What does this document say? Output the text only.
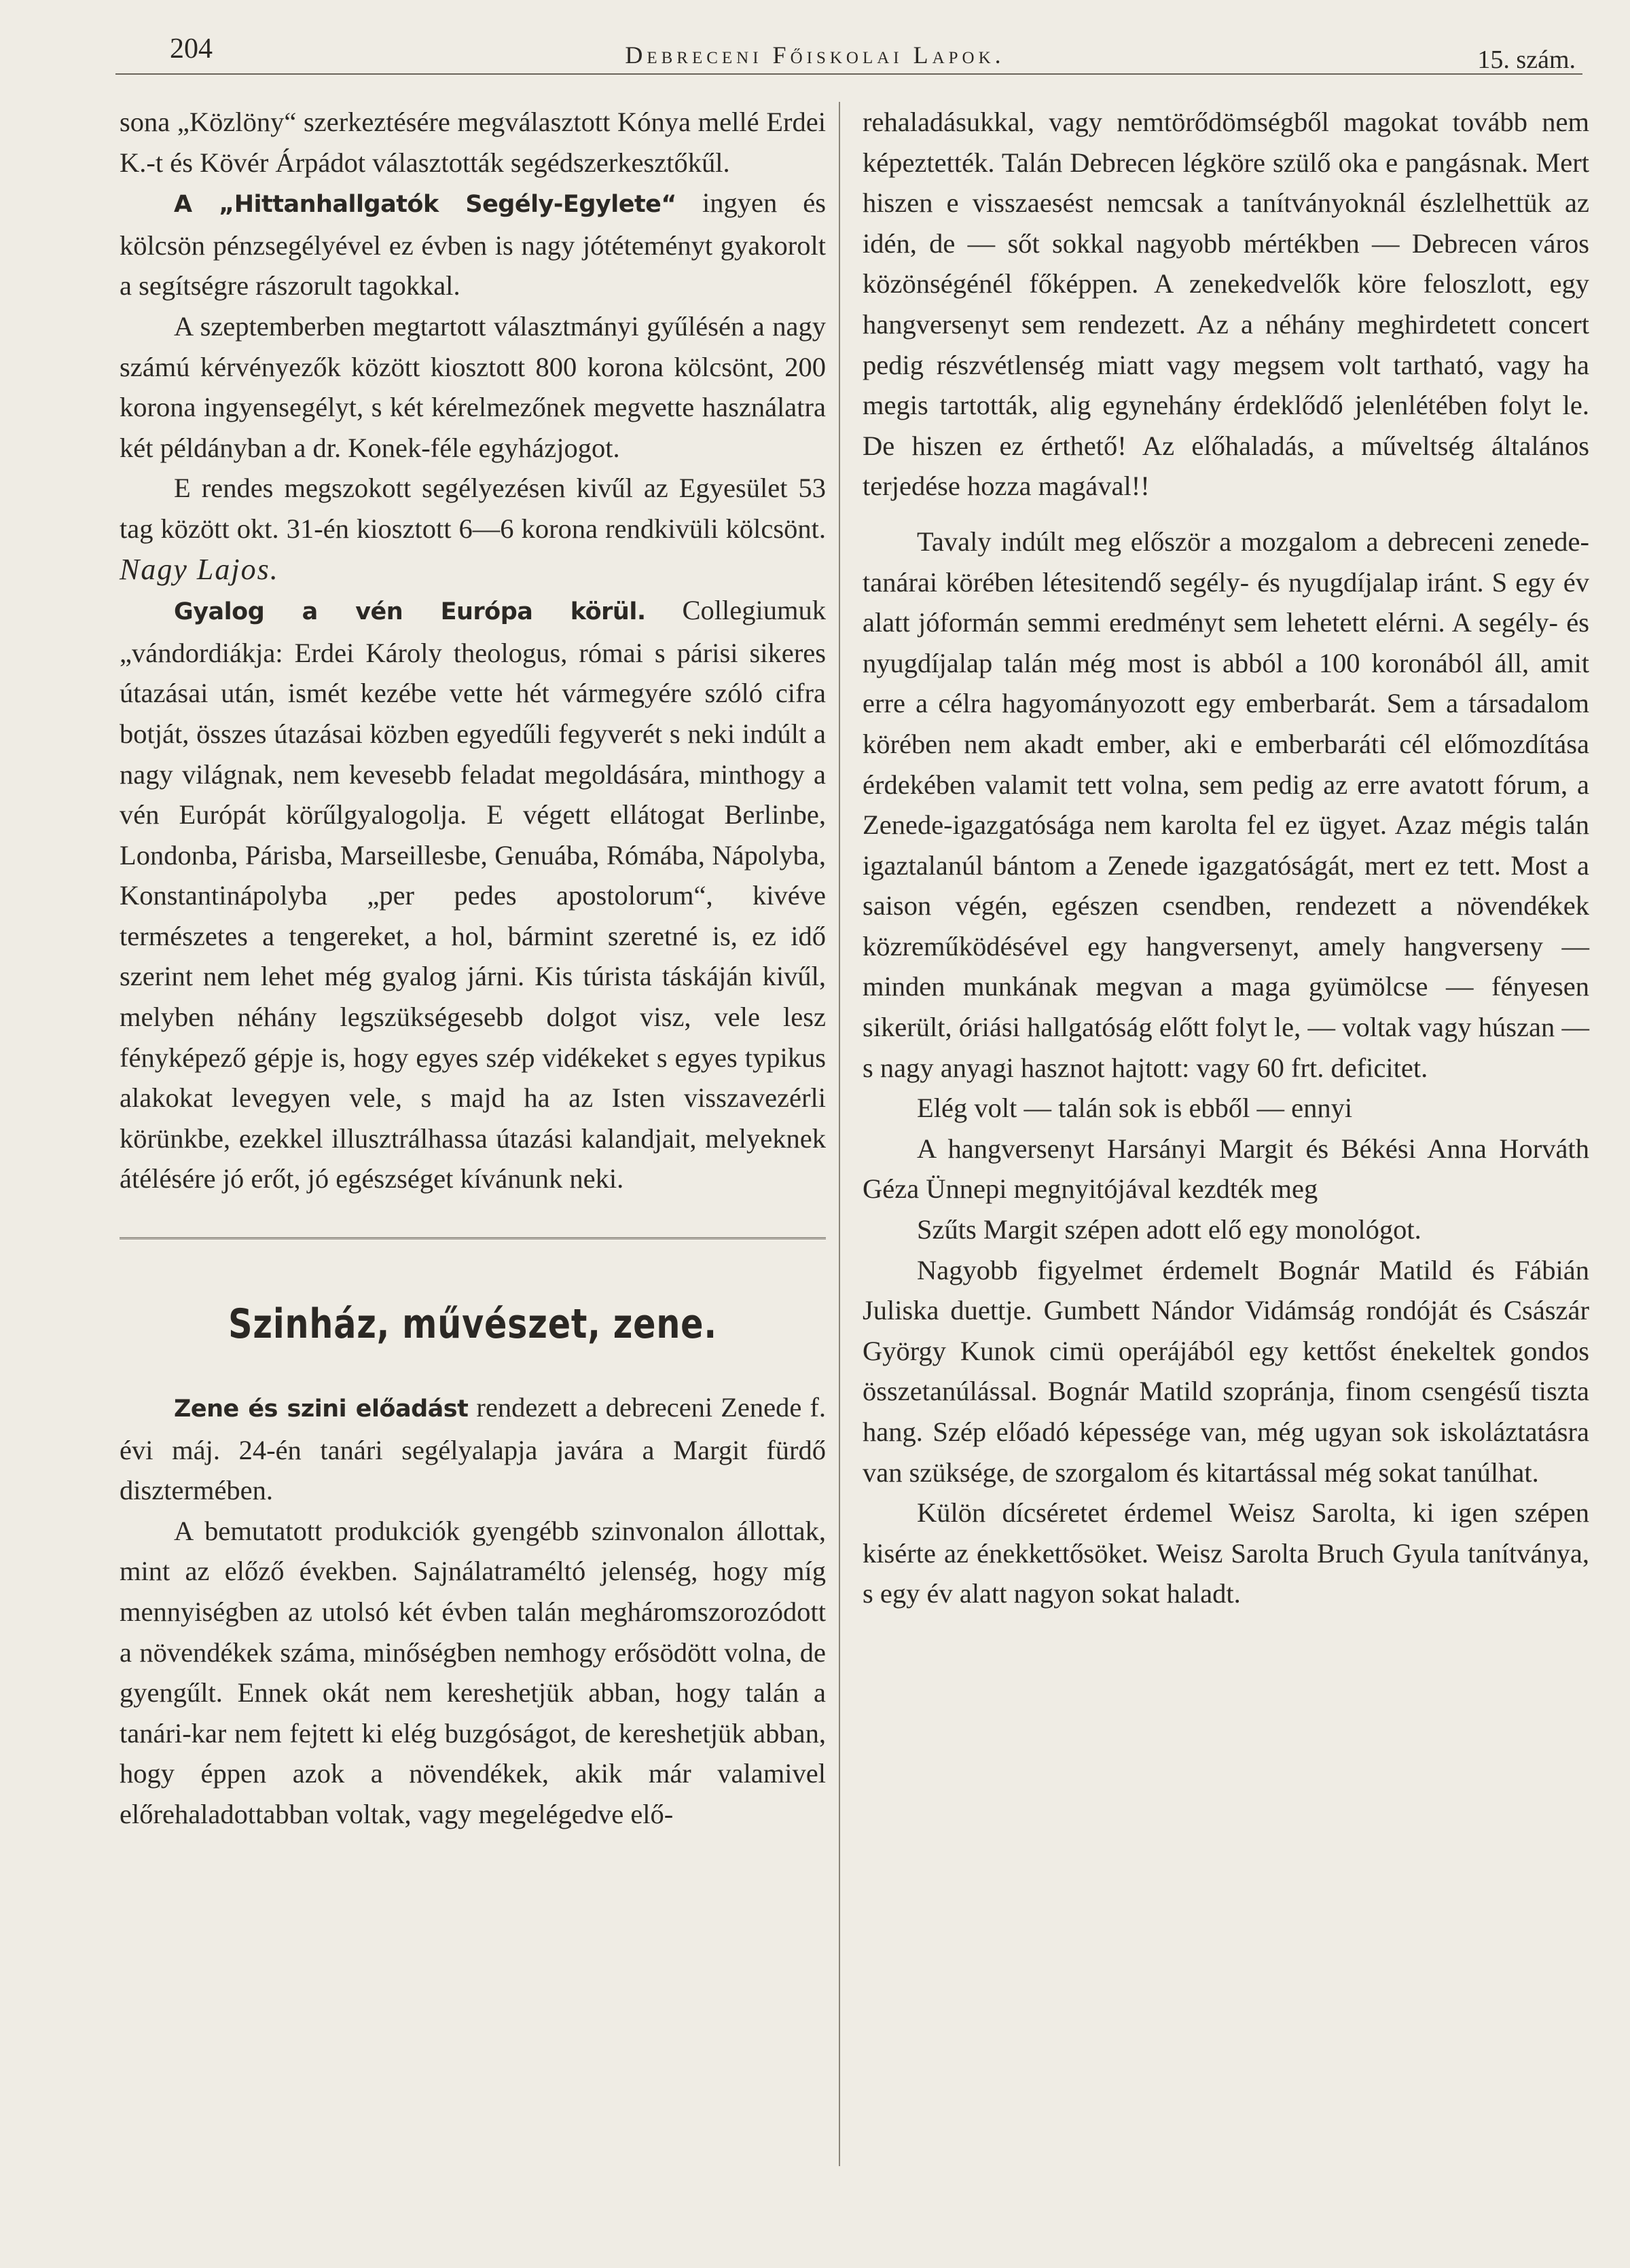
204	Debreceni Főiskolai Lapok.	15. szám.

sona „Közlöny“ szerkeztésére megválasztott Kónya mellé Erdei K.-t és Kövér Árpádot választották segédszerkesztőkűl.

A „Hittanhallgatók Segély-Egylete“ ingyen és kölcsön pénzsegélyével ez évben is nagy jótéteményt gyakorolt a segítségre rászorult tagokkal.

A szeptemberben megtartott választmányi gyűlésén a nagy számú kérvényezők között kiosztott 800 korona kölcsönt, 200 korona ingyensegélyt, s két kérelmezőnek megvette használatra két példányban a dr. Konek-féle egyházjogot.

E rendes megszokott segélyezésen kivűl az Egyesület 53 tag között okt. 31-én kiosztott 6—6 korona rendkivüli kölcsönt. Nagy Lajos.

Gyalog a vén Európa körül. Collegiumuk „vándordiákja: Erdei Károly theologus, római s párisi sikeres útazásai után, ismét kezébe vette hét vármegyére szóló cifra botját, összes útazásai közben egyedűli fegyverét s neki indúlt a nagy világnak, nem kevesebb feladat megoldására, minthogy a vén Európát körűlgyalogolja. E végett ellátogat Berlinbe, Londonba, Párisba, Marseillesbe, Genuába, Rómába, Nápolyba, Konstantinápolyba „per pedes apostolorum“, kivéve természetes a tengereket, a hol, bármint szeretné is, ez idő szerint nem lehet még gyalog járni. Kis túrista táskáján kivűl, melyben néhány legszükségesebb dolgot visz, vele lesz fényképező gépje is, hogy egyes szép vidékeket s egyes typikus alakokat levegyen vele, s majd ha az Isten visszavezérli körünkbe, ezekkel illusztrálhassa útazási kalandjait, melyeknek átélésére jó erőt, jó egészséget kívánunk neki.

Szinház, művészet, zene.

Zene és szini előadást rendezett a debreceni Zenede f. évi máj. 24-én tanári segélyalapja javára a Margit fürdő disztermében.

A bemutatott produkciók gyengébb szinvonalon állottak, mint az előző években. Sajnálatraméltó jelenség, hogy míg mennyiségben az utolsó két évben talán megháromszorozódott a növendékek száma, minőségben nemhogy erősödött volna, de gyengűlt. Ennek okát nem kereshetjük abban, hogy talán a tanári-kar nem fejtett ki elég buzgóságot, de kereshetjük abban, hogy éppen azok a növendékek, akik már valamivel előrehaladottabban voltak, vagy megelégedve elő-

rehaladásukkal, vagy nemtörődömségből magokat tovább nem képeztették. Talán Debrecen légköre szülő oka e pangásnak. Mert hiszen e visszaesést nemcsak a tanítványoknál észlelhettük az idén, de — sőt sokkal nagyobb mértékben — Debrecen város közönségénél főképpen. A zenekedvelők köre feloszlott, egy hangversenyt sem rendezett. Az a néhány meghirdetett concert pedig részvétlenség miatt vagy megsem volt tartható, vagy ha megis tartották, alig egynehány érdeklődő jelenlétében folyt le. De hiszen ez érthető! Az előhaladás, a műveltség általános terjedése hozza magával!!

Tavaly indúlt meg először a mozgalom a debreceni zenede-tanárai körében létesitendő segély- és nyugdíjalap iránt. S egy év alatt jóformán semmi eredményt sem lehetett elérni. A segély- és nyugdíjalap talán még most is abból a 100 koronából áll, amit erre a célra hagyományozott egy emberbarát. Sem a társadalom körében nem akadt ember, aki e emberbaráti cél előmozdítása érdekében valamit tett volna, sem pedig az erre avatott fórum, a Zenede-igazgatósága nem karolta fel ez ügyet. Azaz mégis talán igaztalanúl bántom a Zenede igazgatóságát, mert ez tett. Most a saison végén, egészen csendben, rendezett a növendékek közreműködésével egy hangversenyt, amely hangverseny — minden munkának megvan a maga gyümölcse — fényesen sikerült, óriási hallgatóság előtt folyt le, — voltak vagy húszan — s nagy anyagi hasznot hajtott: vagy 60 frt. deficitet.

Elég volt — talán sok is ebből — ennyi

A hangversenyt Harsányi Margit és Békési Anna Horváth Géza Ünnepi megnyitójával kezdték meg

Szűts Margit szépen adott elő egy monológot.

Nagyobb figyelmet érdemelt Bognár Matild és Fábián Juliska duettje. Gumbett Nándor Vidámság rondóját és Császár György Kunok cimü operájából egy kettőst énekeltek gondos összetanúlással. Bognár Matild szopránja, finom csengésű tiszta hang. Szép előadó képessége van, még ugyan sok iskoláztatásra van szüksége, de szorgalom és kitartással még sokat tanúlhat.

Külön dícséretet érdemel Weisz Sarolta, ki igen szépen kisérte az énekkettősöket. Weisz Sarolta Bruch Gyula tanítványa, s egy év alatt nagyon sokat haladt.
